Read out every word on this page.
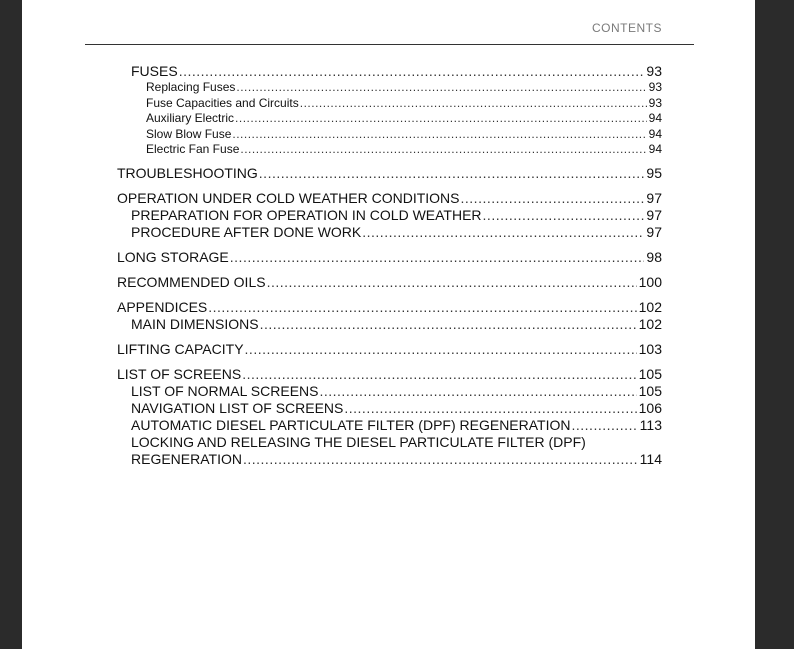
CONTENTS
FUSES .....	93
Replacing Fuses .....	93
Fuse Capacities and Circuits .....	93
Auxiliary Electric .....	94
Slow Blow Fuse .....	94
Electric Fan Fuse .....	94
TROUBLESHOOTING .....	95
OPERATION UNDER COLD WEATHER CONDITIONS .....	97
PREPARATION FOR OPERATION IN COLD WEATHER .....	97
PROCEDURE AFTER DONE WORK .....	97
LONG STORAGE .....	98
RECOMMENDED OILS .....	100
APPENDICES .....	102
MAIN DIMENSIONS .....	102
LIFTING CAPACITY .....	103
LIST OF SCREENS .....	105
LIST OF NORMAL SCREENS .....	105
NAVIGATION LIST OF SCREENS .....	106
AUTOMATIC DIESEL PARTICULATE FILTER (DPF) REGENERATION .....	113
LOCKING AND RELEASING THE DIESEL PARTICULATE FILTER (DPF)
REGENERATION .....	114
